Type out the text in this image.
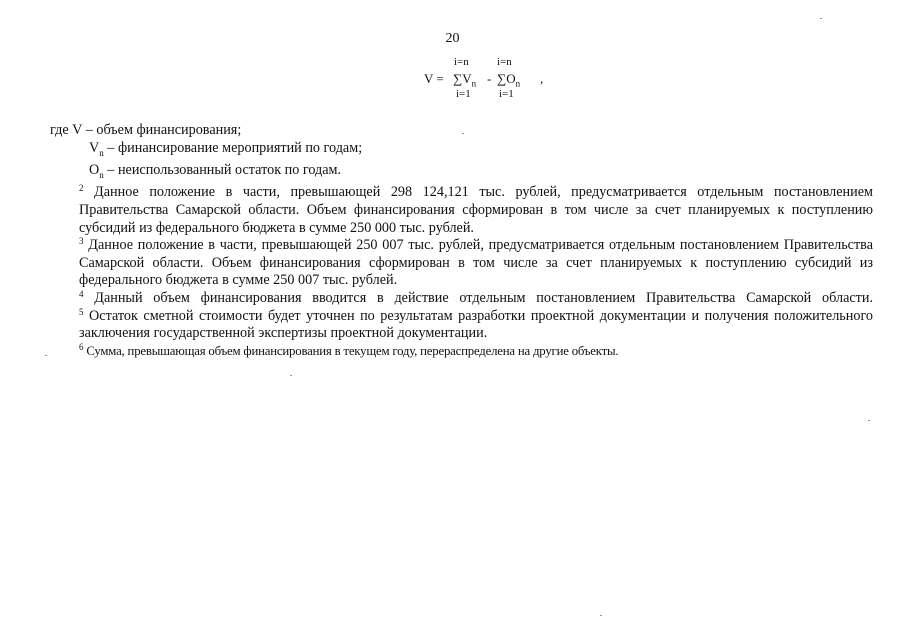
20
i=n	i=n
$V = \sum V_n - \sum O_n$ ,
i=1	i=1

где V – объем финансирования;

$V_n$ – финансирование мероприятий по годам;

$O_n$ – неиспользованный остаток по годам.

$^2$ Данное положение в части, превышающей 298 124,121 тыс. рублей, предусматривается отдельным постановлением Правительства Самарской области. Объем финансирования сформирован в том числе за счет планируемых к поступлению субсидий из федерального бюджета в сумме 250 000 тыс. рублей.

$^3$ Данное положение в части, превышающей 250 007 тыс. рублей, предусматривается отдельным постановлением Правительства Самарской области. Объем финансирования сформирован в том числе за счет планируемых к поступлению субсидий из федерального бюджета в сумме 250 007 тыс. рублей.

$^4$ Данный объем финансирования вводится в действие отдельным постановлением Правительства Самарской области.

$^5$ Остаток сметной стоимости будет уточнен по результатам разработки проектной документации и получения положительного заключения государственной экспертизы проектной документации.

$^6$ Сумма, превышающая объем финансирования в текущем году, перераспределена на другие объекты.
